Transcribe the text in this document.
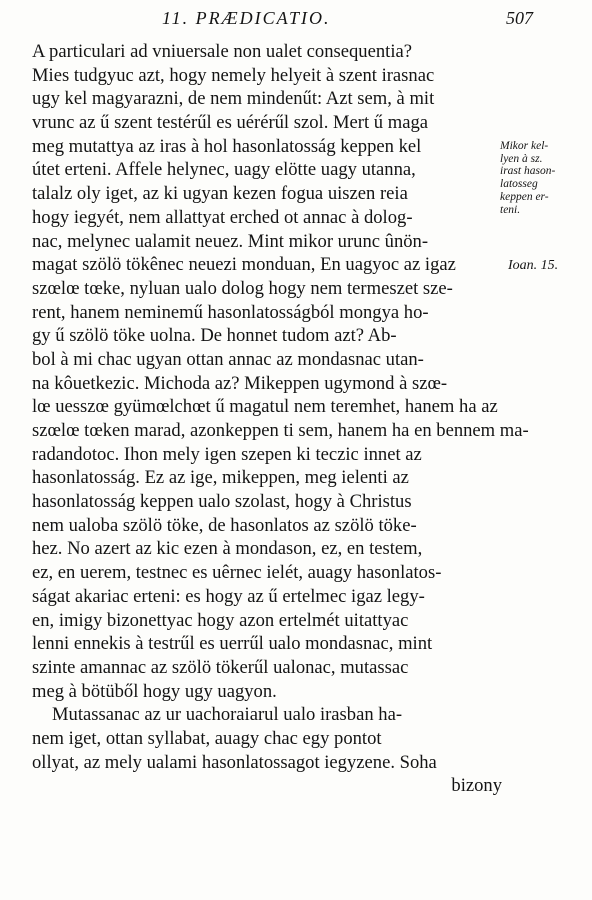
11. PRÆDICATIO.	507
A particulari ad vniuersale non ualet consequentia?
Mies tudgyuc azt, hogy nemely helyeit à szent irasnac
ugy kel magyarazni, de nem mindenűt: Azt sem, à mit
vrunc az ű szent testérűl es uérérűl szol. Mert ű maga
meg mutattya az iras à hol hasonlatosság keppen kel
útet erteni. Affele helynec, uagy elötte uagy utanna,
talalz oly iget, az ki ugyan kezen fogua uiszen reia
hogy iegyét, nem allattyat erched ot annac à dolog-
nac, melynec ualamit neuez. Mint mikor urunc ûnön-
magat szölö tökênec neuezi monduan, En uagyoc az igaz
szœlœ tœke, nyluan ualo dolog hogy nem termeszet sze-
rent, hanem neminemű hasonlatosságból mongya ho-
gy ű szölö töke uolna. De honnet tudom azt? Ab-
bol à mi chac ugyan ottan annac az mondasnac utan-
na kôuetkezic. Michoda az? Mikeppen ugymond à szœ-
lœ uesszœ gyümœlchœt ű magatul nem teremhet, hanem ha az
szœlœ tœken marad, azonkeppen ti sem, hanem ha en bennem ma-
radandotoc. Ihon mely igen szepen ki teczic innet az
hasonlatosság. Ez az ige, mikeppen, meg ielenti az
hasonlatosság keppen ualo szolast, hogy à Christus
nem ualoba szölö töke, de hasonlatos az szölö töke-
hez. No azert az kic ezen à mondason, ez, en testem,
ez, en uerem, testnec es uêrnec ielét, auagy hasonlatos-
ságat akariac erteni: es hogy az ű ertelmec igaz legy-
en, imigy bizonettyac hogy azon ertelmét uitattyac
lenni ennekis à testrűl es uerrűl ualo mondasnac, mint
szinte amannac az szölö tökerűl ualonac, mutassac
meg à bötüből hogy ugy uagyon.
Mutassanac az ur uachoraiarul ualo irasban ha-
nem iget, ottan syllabat, auagy chac egy pontot
ollyat, az mely ualami hasonlatossagot iegyzene. Soha
bizony
Mikor kel-
lyen à sz.
irast hason-
latosseg
keppen er-
teni.
Ioan. 15.
